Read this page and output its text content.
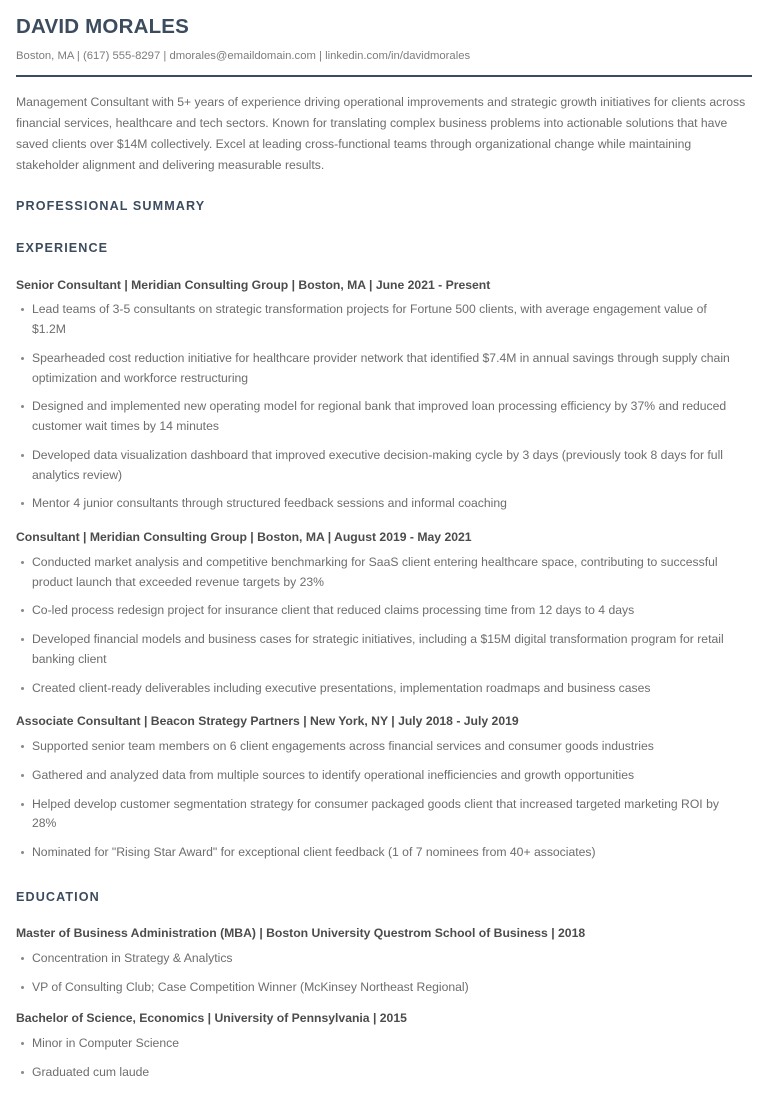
DAVID MORALES
Boston, MA | (617) 555-8297 | dmorales@emaildomain.com | linkedin.com/in/davidmorales

Management Consultant with 5+ years of experience driving operational improvements and strategic growth initiatives for clients across financial services, healthcare and tech sectors. Known for translating complex business problems into actionable solutions that have saved clients over $14M collectively. Excel at leading cross-functional teams through organizational change while maintaining stakeholder alignment and delivering measurable results.

PROFESSIONAL SUMMARY
EXPERIENCE
Senior Consultant | Meridian Consulting Group | Boston, MA | June 2021 - Present
Lead teams of 3-5 consultants on strategic transformation projects for Fortune 500 clients, with average engagement value of $1.2M
Spearheaded cost reduction initiative for healthcare provider network that identified $7.4M in annual savings through supply chain optimization and workforce restructuring
Designed and implemented new operating model for regional bank that improved loan processing efficiency by 37% and reduced customer wait times by 14 minutes
Developed data visualization dashboard that improved executive decision-making cycle by 3 days (previously took 8 days for full analytics review)
Mentor 4 junior consultants through structured feedback sessions and informal coaching
Consultant | Meridian Consulting Group | Boston, MA | August 2019 - May 2021
Conducted market analysis and competitive benchmarking for SaaS client entering healthcare space, contributing to successful product launch that exceeded revenue targets by 23%
Co-led process redesign project for insurance client that reduced claims processing time from 12 days to 4 days
Developed financial models and business cases for strategic initiatives, including a $15M digital transformation program for retail banking client
Created client-ready deliverables including executive presentations, implementation roadmaps and business cases
Associate Consultant | Beacon Strategy Partners | New York, NY | July 2018 - July 2019
Supported senior team members on 6 client engagements across financial services and consumer goods industries
Gathered and analyzed data from multiple sources to identify operational inefficiencies and growth opportunities
Helped develop customer segmentation strategy for consumer packaged goods client that increased targeted marketing ROI by 28%
Nominated for "Rising Star Award" for exceptional client feedback (1 of 7 nominees from 40+ associates)
EDUCATION
Master of Business Administration (MBA) | Boston University Questrom School of Business | 2018
Concentration in Strategy & Analytics
VP of Consulting Club; Case Competition Winner (McKinsey Northeast Regional)
Bachelor of Science, Economics | University of Pennsylvania | 2015
Minor in Computer Science
Graduated cum laude
